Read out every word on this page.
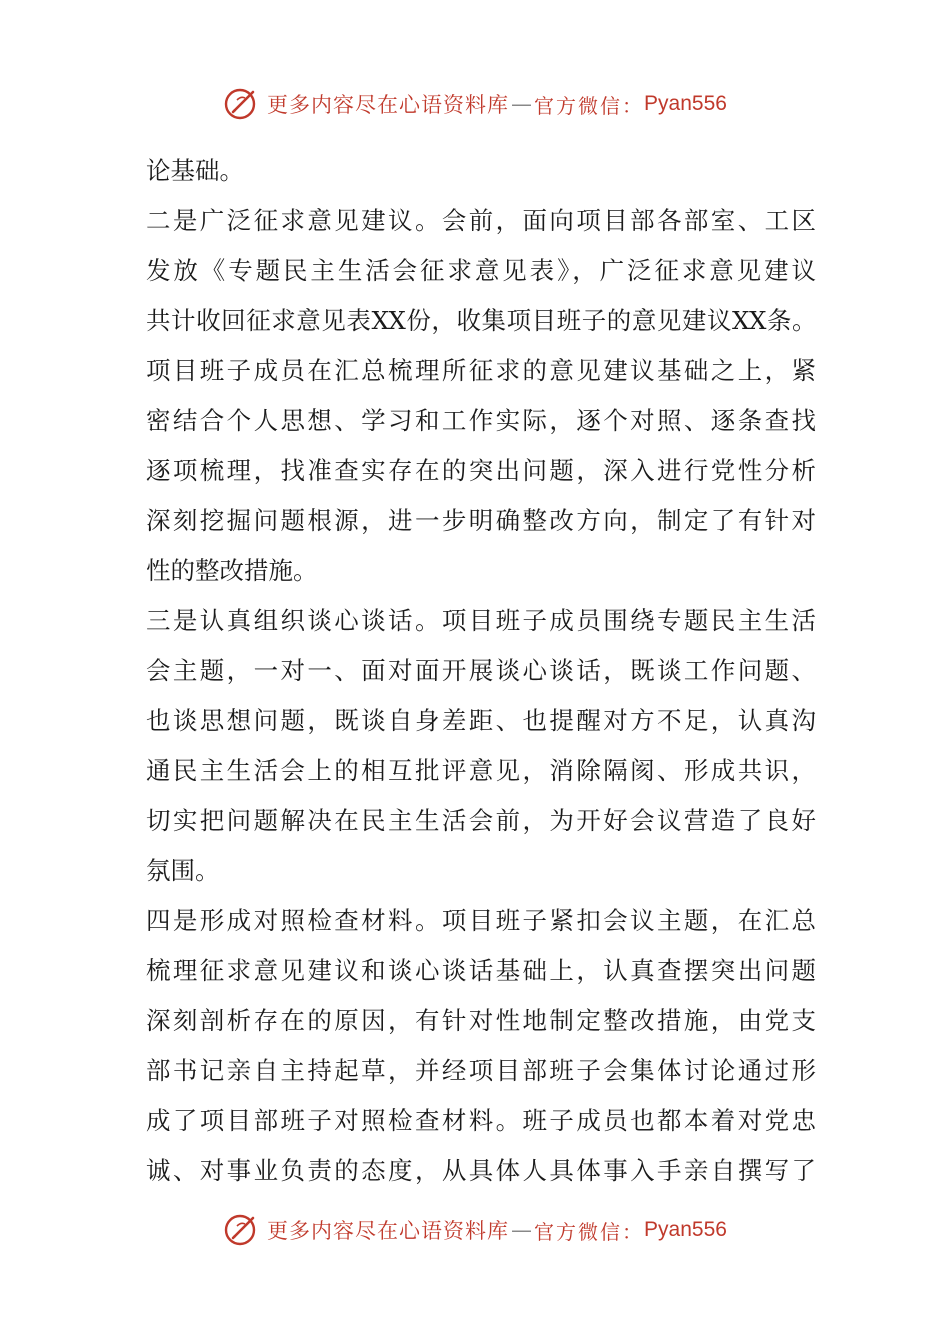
更多内容尽在心语资料库 — 官方微信： Pyan556
论基础。
二是广泛征求意见建议。会前，面向项目部各部室、工区
发放《专题民主生活会征求意见表》，广泛征求意见建议
共计收回征求意见表XX份，收集项目班子的意见建议XX条。
项目班子成员在汇总梳理所征求的意见建议基础之上，紧
密结合个人思想、学习和工作实际，逐个对照、逐条查找
逐项梳理，找准查实存在的突出问题，深入进行党性分析
深刻挖掘问题根源，进一步明确整改方向，制定了有针对
性的整改措施。
三是认真组织谈心谈话。项目班子成员围绕专题民主生活
会主题，一对一、面对面开展谈心谈话，既谈工作问题、
也谈思想问题，既谈自身差距、也提醒对方不足，认真沟
通民主生活会上的相互批评意见，消除隔阂、形成共识，
切实把问题解决在民主生活会前，为开好会议营造了良好
氛围。
四是形成对照检查材料。项目班子紧扣会议主题，在汇总
梳理征求意见建议和谈心谈话基础上，认真查摆突出问题
深刻剖析存在的原因，有针对性地制定整改措施，由党支
部书记亲自主持起草，并经项目部班子会集体讨论通过形
成了项目部班子对照检查材料。班子成员也都本着对党忠
诚、对事业负责的态度，从具体人具体事入手亲自撰写了
更多内容尽在心语资料库 — 官方微信： Pyan556
